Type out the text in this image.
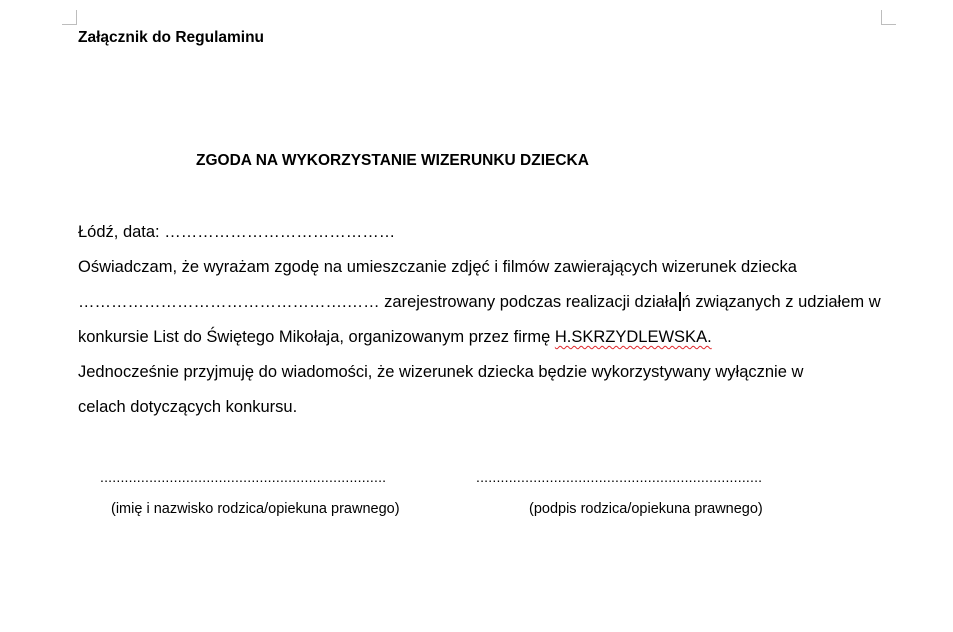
Załącznik do Regulaminu
ZGODA NA WYKORZYSTANIE WIZERUNKU DZIECKA
Łódź, data: ……………………………………
Oświadczam, że wyrażam zgodę na umieszczanie zdjęć i filmów zawierających wizerunek dziecka
………………………………………….…… zarejestrowany podczas realizacji działa ń związanych z udziałem w
konkursie List do Świętego Mikołaja, organizowanym przez firmę H.SKRZYDLEWSKA.
Jednocześnie przyjmuję do wiadomości, że wizerunek dziecka będzie wykorzystywany wyłącznie w
celach dotyczących konkursu.
......................................................................
(imię i nazwisko rodzica/opiekuna prawnego)
......................................................................
(podpis rodzica/opiekuna prawnego)
